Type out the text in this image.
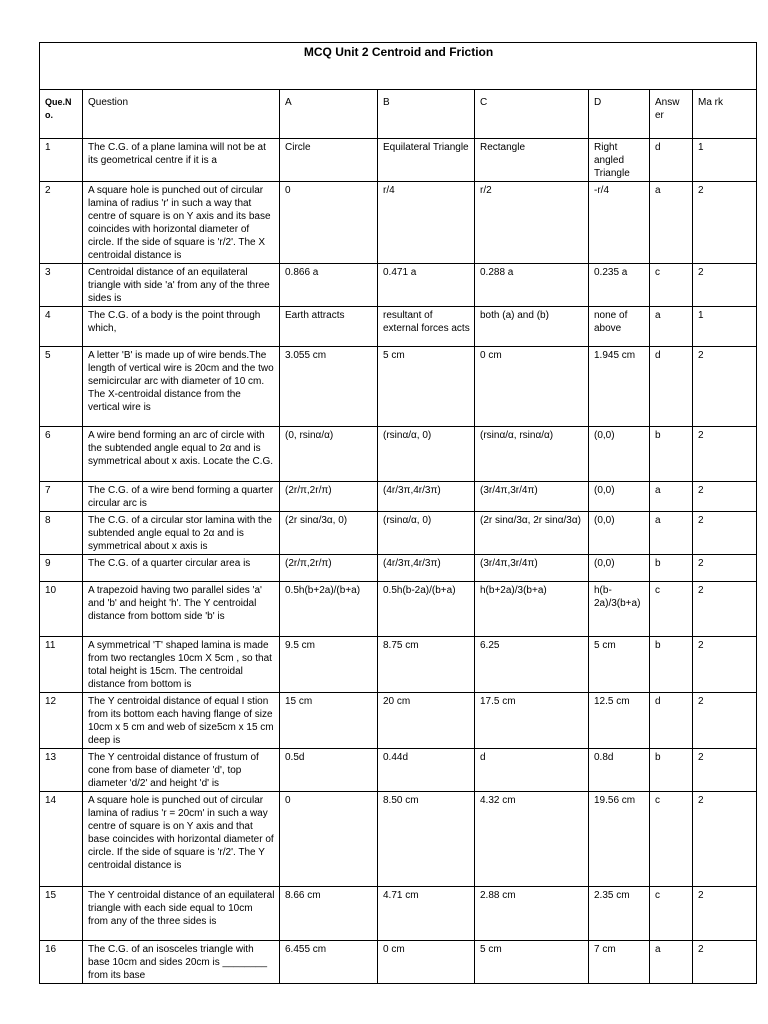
MCQ Unit 2 Centroid and Friction							
Que.N o.	Question	A	B	C	D	Answ er	Ma rk
1	The C.G. of a plane lamina will not be at its geometrical centre if it is a	Circle	Equilateral Triangle	Rectangle	Right angled Triangle	d	1
2	A square hole is punched out of circular lamina of radius 'r' in such a way that centre of square is on Y axis and its base coincides with horizontal diameter of circle. If the side of square is 'r/2'. The X centroidal distance is	0	r/4	r/2	-r/4	a	2
3	Centroidal distance of an equilateral triangle with side 'a' from any of the three sides is	0.866 a	0.471 a	0.288 a	0.235 a	c	2
4	The C.G. of a body is the point through which,	Earth attracts	resultant of external forces acts	both (a) and (b)	none of above	a	1
5	A letter 'B' is made up of wire bends.The length of vertical wire is 20cm and the two semicircular arc with diameter of 10 cm. The X-centroidal distance from the vertical wire is	3.055 cm	5 cm	0 cm	1.945 cm	d	2
6	A wire bend forming an arc of circle with the subtended angle equal to 2α and is symmetrical about x axis. Locate the C.G.	(0, rsinα/α)	(rsinα/α, 0)	(rsinα/α, rsinα/α)	(0,0)	b	2
7	The C.G. of a wire bend forming a quarter circular arc is	(2r/π,2r/π)	(4r/3π,4r/3π)	(3r/4π,3r/4π)	(0,0)	a	2
8	The C.G. of a circular stor lamina with the subtended angle equal to 2α and is symmetrical about x axis is	(2r sinα/3α, 0)	(rsinα/α, 0)	(2r sinα/3α, 2r sinα/3α)	(0,0)	a	2
9	The C.G. of a quarter circular area is	(2r/π,2r/π)	(4r/3π,4r/3π)	(3r/4π,3r/4π)	(0,0)	b	2
10	A trapezoid having two parallel sides 'a' and 'b' and height 'h'. The Y centroidal distance from bottom side 'b' is	0.5h(b+2a)/(b+a)	0.5h(b-2a)/(b+a)	h(b+2a)/3(b+a)	h(b-2a)/3(b+a)	c	2
11	A symmetrical 'T' shaped lamina is made from two rectangles 10cm X 5cm , so that total height is 15cm. The centroidal distance from bottom is	9.5 cm	8.75 cm	6.25	5 cm	b	2
12	The Y centroidal distance of equal I stion from its bottom each having flange of size 10cm x 5 cm and web of size5cm x 15 cm deep is	15 cm	20 cm	17.5 cm	12.5 cm	d	2
13	The Y centroidal distance of frustum of cone from base of diameter 'd', top diameter 'd/2' and height 'd' is	0.5d	0.44d	d	0.8d	b	2
14	A square hole is punched out of circular lamina of radius 'r = 20cm' in such a way centre of square is on Y axis and that base coincides with horizontal diameter of circle. If the side of square is 'r/2'. The Y centroidal distance is	0	8.50 cm	4.32 cm	19.56 cm	c	2
15	The Y centroidal distance of an equilateral triangle with each side equal to 10cm from any of the three sides is	8.66 cm	4.71 cm	2.88 cm	2.35 cm	c	2
16	The C.G. of an isosceles triangle with base 10cm and sides 20cm is ________ from its base	6.455 cm	0 cm	5 cm	7 cm	a	2
